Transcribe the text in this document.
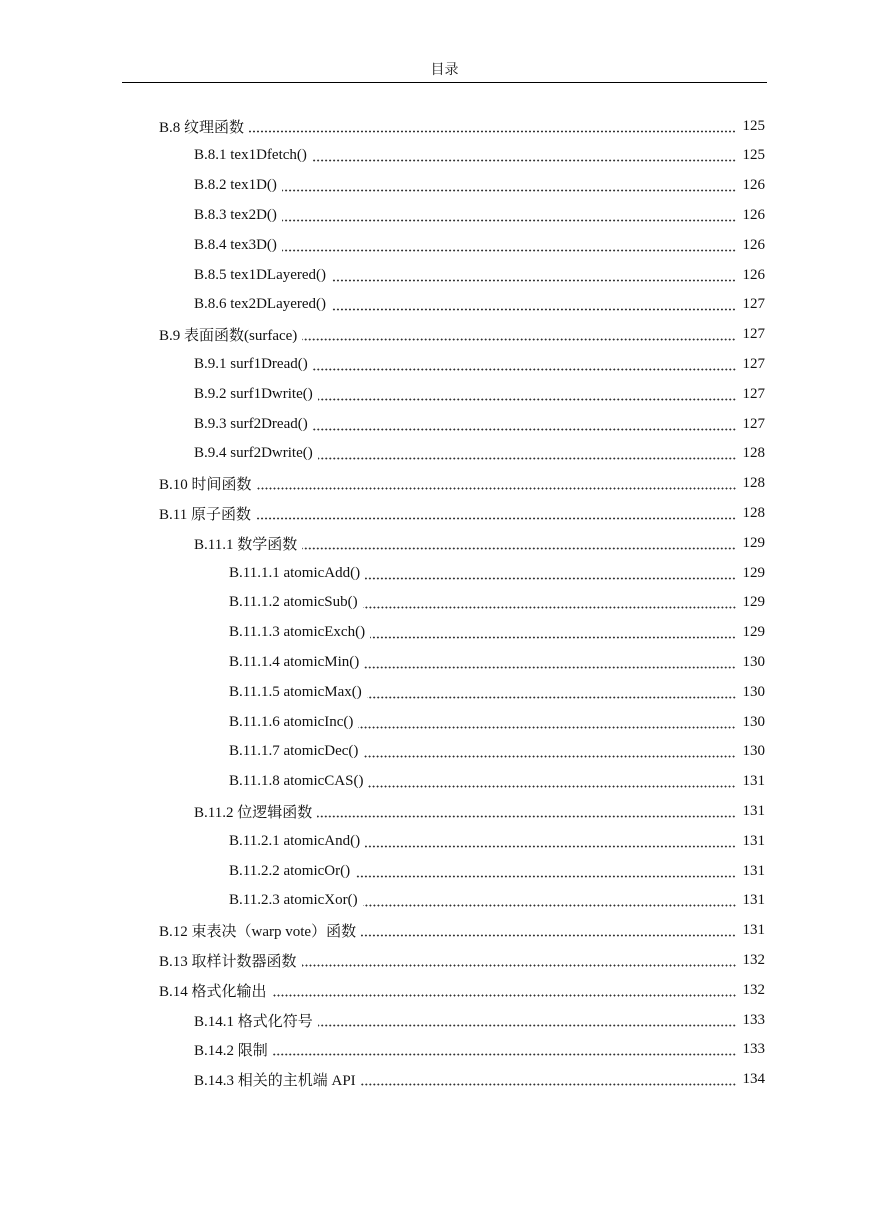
目录
B.8 纹理函数	125
B.8.1 tex1Dfetch()	125
B.8.2 tex1D()	126
B.8.3 tex2D()	126
B.8.4 tex3D()	126
B.8.5 tex1DLayered()	126
B.8.6 tex2DLayered()	127
B.9 表面函数(surface)	127
B.9.1 surf1Dread()	127
B.9.2 surf1Dwrite()	127
B.9.3 surf2Dread()	127
B.9.4 surf2Dwrite()	128
B.10 时间函数	128
B.11 原子函数	128
B.11.1 数学函数	129
B.11.1.1 atomicAdd()	129
B.11.1.2 atomicSub()	129
B.11.1.3 atomicExch()	129
B.11.1.4 atomicMin()	130
B.11.1.5 atomicMax()	130
B.11.1.6 atomicInc()	130
B.11.1.7 atomicDec()	130
B.11.1.8 atomicCAS()	131
B.11.2 位逻辑函数	131
B.11.2.1 atomicAnd()	131
B.11.2.2 atomicOr()	131
B.11.2.3 atomicXor()	131
B.12 束表决（warp vote）函数	131
B.13 取样计数器函数	132
B.14 格式化输出	132
B.14.1 格式化符号	133
B.14.2 限制	133
B.14.3 相关的主机端 API	134
